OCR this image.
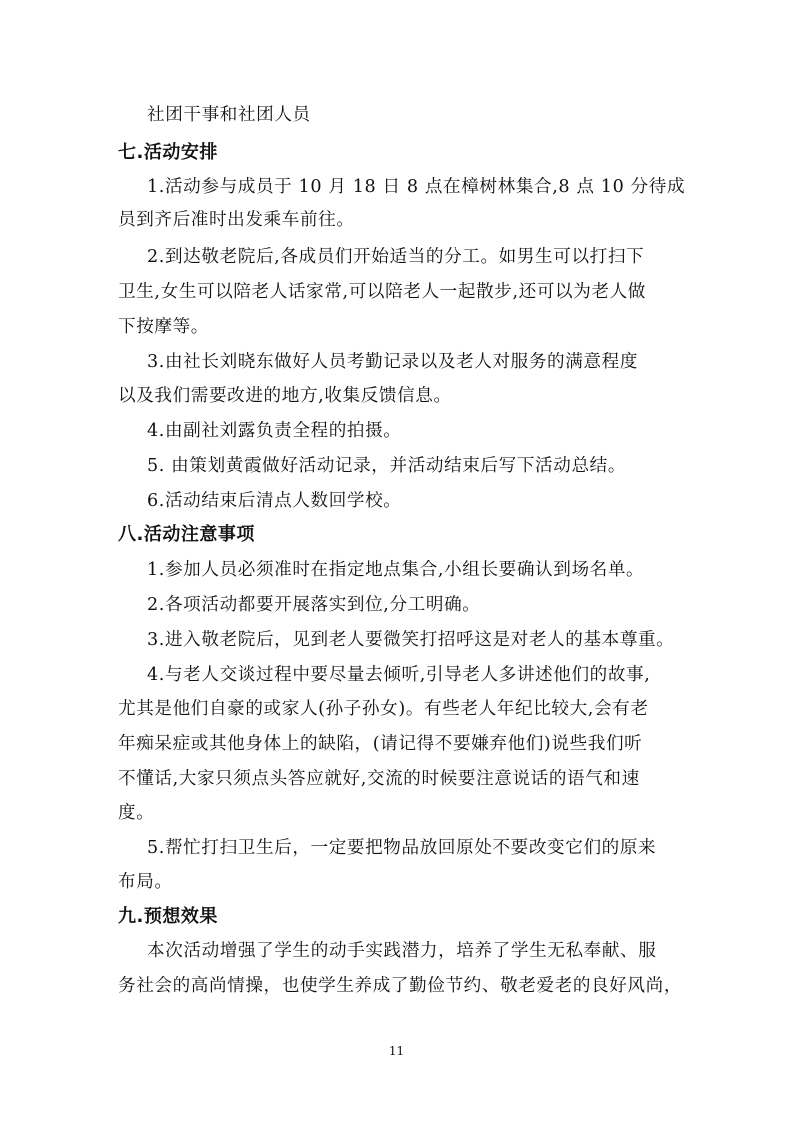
社团干事和社团人员
七.活动安排
1.活动参与成员于 10 月 18 日 8 点在樟树林集合,8 点 10 分待成
员到齐后准时出发乘车前往。
2.到达敬老院后,各成员们开始适当的分工。如男生可以打扫下
卫生,女生可以陪老人话家常,可以陪老人一起散步,还可以为老人做
下按摩等。
3.由社长刘晓东做好人员考勤记录以及老人对服务的满意程度
以及我们需要改进的地方,收集反馈信息。
4.由副社刘露负责全程的拍摄。
5. 由策划黄霞做好活动记录，并活动结束后写下活动总结。
6.活动结束后清点人数回学校。
八.活动注意事项
1.参加人员必须准时在指定地点集合,小组长要确认到场名单。
2.各项活动都要开展落实到位,分工明确。
3.进入敬老院后，见到老人要微笑打招呼这是对老人的基本尊重。
4.与老人交谈过程中要尽量去倾听,引导老人多讲述他们的故事,
尤其是他们自豪的或家人(孙子孙女)。有些老人年纪比较大,会有老
年痴呆症或其他身体上的缺陷，(请记得不要嫌弃他们)说些我们听
不懂话,大家只须点头答应就好,交流的时候要注意说话的语气和速
度。
5.帮忙打扫卫生后，一定要把物品放回原处不要改变它们的原来
布局。
九.预想效果
本次活动增强了学生的动手实践潜力，培养了学生无私奉献、服
务社会的高尚情操，也使学生养成了勤俭节约、敬老爱老的良好风尚，
11
